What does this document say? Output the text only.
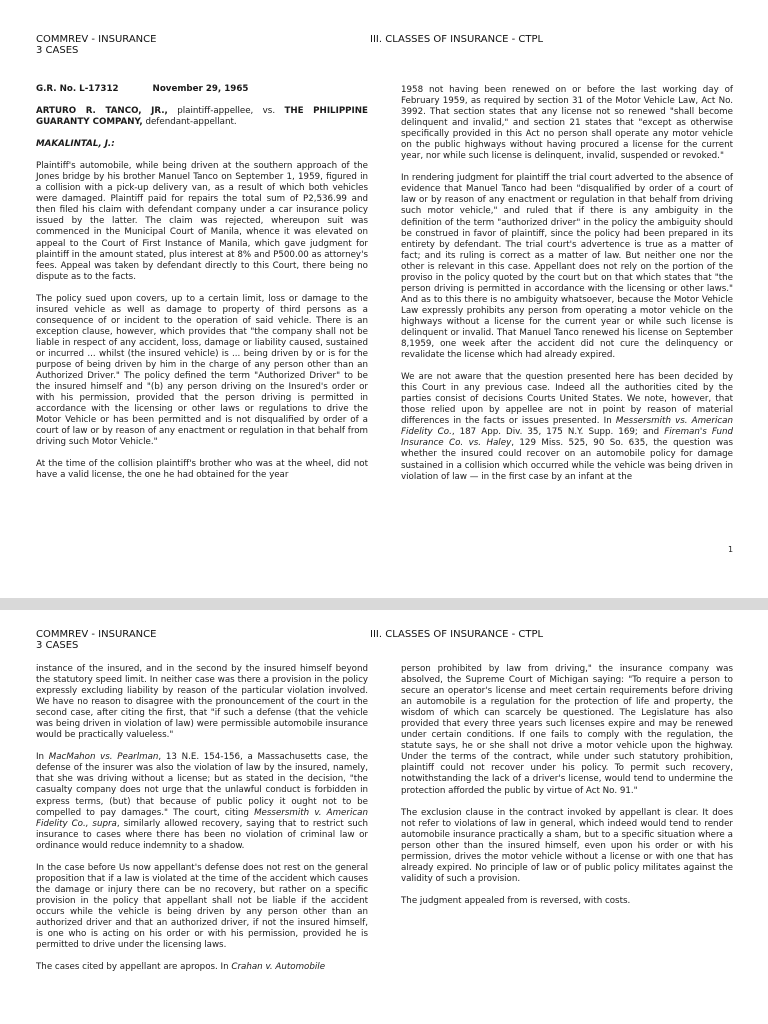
COMMREV - INSURANCE
3 CASES
III. CLASSES OF INSURANCE - CTPL

G.R. No. L-17312	November 29, 1965

ARTURO R. TANCO, JR., plaintiff-appellee, vs. THE PHILIPPINE GUARANTY COMPANY, defendant-appellant.

MAKALINTAL, J.:

Plaintiff's automobile, while being driven at the southern approach of the Jones bridge by his brother Manuel Tanco on September 1, 1959, figured in a collision with a pick-up delivery van, as a result of which both vehicles were damaged. Plaintiff paid for repairs the total sum of P2,536.99 and then filed his claim with defendant company under a car insurance policy issued by the latter. The claim was rejected, whereupon suit was commenced in the Municipal Court of Manila, whence it was elevated on appeal to the Court of First Instance of Manila, which gave judgment for plaintiff in the amount stated, plus interest at 8% and P500.00 as attorney's fees. Appeal was taken by defendant directly to this Court, there being no dispute as to the facts.

The policy sued upon covers, up to a certain limit, loss or damage to the insured vehicle as well as damage to property of third persons as a consequence of or incident to the operation of said vehicle. There is an exception clause, however, which provides that "the company shall not be liable in respect of any accident, loss, damage or liability caused, sustained or incurred ... whilst (the insured vehicle) is ... being driven by or is for the purpose of being driven by him in the charge of any person other than an Authorized Driver." The policy defined the term "Authorized Driver" to be the insured himself and "(b) any person driving on the Insured's order or with his permission, provided that the person driving is permitted in accordance with the licensing or other laws or regulations to drive the Motor Vehicle or has been permitted and is not disqualified by order of a court of law or by reason of any enactment or regulation in that behalf from driving such Motor Vehicle."

At the time of the collision plaintiff's brother who was at the wheel, did not have a valid license, the one he had obtained for the year

1958 not having been renewed on or before the last working day of February 1959, as required by section 31 of the Motor Vehicle Law, Act No. 3992. That section states that any license not so renewed "shall become delinquent and invalid," and section 21 states that "except as otherwise specifically provided in this Act no person shall operate any motor vehicle on the public highways without having procured a license for the current year, nor while such license is delinquent, invalid, suspended or revoked."

In rendering judgment for plaintiff the trial court adverted to the absence of evidence that Manuel Tanco had been "disqualified by order of a court of law or by reason of any enactment or regulation in that behalf from driving such motor vehicle," and ruled that if there is any ambiguity in the definition of the term "authorized driver" in the policy the ambiguity should be construed in favor of plaintiff, since the policy had been prepared in its entirety by defendant. The trial court's advertence is true as a matter of fact; and its ruling is correct as a matter of law. But neither one nor the other is relevant in this case. Appellant does not rely on the portion of the proviso in the policy quoted by the court but on that which states that "the person driving is permitted in accordance with the licensing or other laws." And as to this there is no ambiguity whatsoever, because the Motor Vehicle Law expressly prohibits any person from operating a motor vehicle on the highways without a license for the current year or while such license is delinquent or invalid. That Manuel Tanco renewed his license on September 8,1959, one week after the accident did not cure the delinquency or revalidate the license which had already expired.

We are not aware that the question presented here has been decided by this Court in any previous case. Indeed all the authorities cited by the parties consist of decisions Courts United States. We note, however, that those relied upon by appellee are not in point by reason of material differences in the facts or issues presented. In Messersmith vs. American Fidelity Co., 187 App. Div. 35, 175 N.Y. Supp. 169; and Fireman's Fund Insurance Co. vs. Haley, 129 Miss. 525, 90 So. 635, the question was whether the insured could recover on an automobile policy for damage sustained in a collision which occurred while the vehicle was being driven in violation of law — in the first case by an infant at the

1
COMMREV - INSURANCE
3 CASES
III. CLASSES OF INSURANCE - CTPL

instance of the insured, and in the second by the insured himself beyond the statutory speed limit. In neither case was there a provision in the policy expressly excluding liability by reason of the particular violation involved. We have no reason to disagree with the pronouncement of the court in the second case, after citing the first, that "if such a defense (that the vehicle was being driven in violation of law) were permissible automobile insurance would be practically valueless."

In MacMahon vs. Pearlman, 13 N.E. 154-156, a Massachusetts case, the defense of the insurer was also the violation of law by the insured, namely, that she was driving without a license; but as stated in the decision, "the casualty company does not urge that the unlawful conduct is forbidden in express terms, (but) that because of public policy it ought not to be compelled to pay damages." The court, citing Messersmith v. American Fidelity Co., supra, similarly allowed recovery, saying that to restrict such insurance to cases where there has been no violation of criminal law or ordinance would reduce indemnity to a shadow.

In the case before Us now appellant's defense does not rest on the general proposition that if a law is violated at the time of the accident which causes the damage or injury there can be no recovery, but rather on a specific provision in the policy that appellant shall not be liable if the accident occurs while the vehicle is being driven by any person other than an authorized driver and that an authorized driver, if not the insured himself, is one who is acting on his order or with his permission, provided he is permitted to drive under the licensing laws.

The cases cited by appellant are apropos. In Crahan v. Automobile

person prohibited by law from driving," the insurance company was absolved, the Supreme Court of Michigan saying: "To require a person to secure an operator's license and meet certain requirements before driving an automobile is a regulation for the protection of life and property, the wisdom of which can scarcely be questioned. The Legislature has also provided that every three years such licenses expire and may be renewed under certain conditions. If one fails to comply with the regulation, the statute says, he or she shall not drive a motor vehicle upon the highway. Under the terms of the contract, while under such statutory prohibition, plaintiff could not recover under his policy. To permit such recovery, notwithstanding the lack of a driver's license, would tend to undermine the protection afforded the public by virtue of Act No. 91."

The exclusion clause in the contract invoked by appellant is clear. It does not refer to violations of law in general, which indeed would tend to render automobile insurance practically a sham, but to a specific situation where a person other than the insured himself, even upon his order or with his permission, drives the motor vehicle without a license or with one that has already expired. No principle of law or of public policy militates against the validity of such a provision.

The judgment appealed from is reversed, with costs.
